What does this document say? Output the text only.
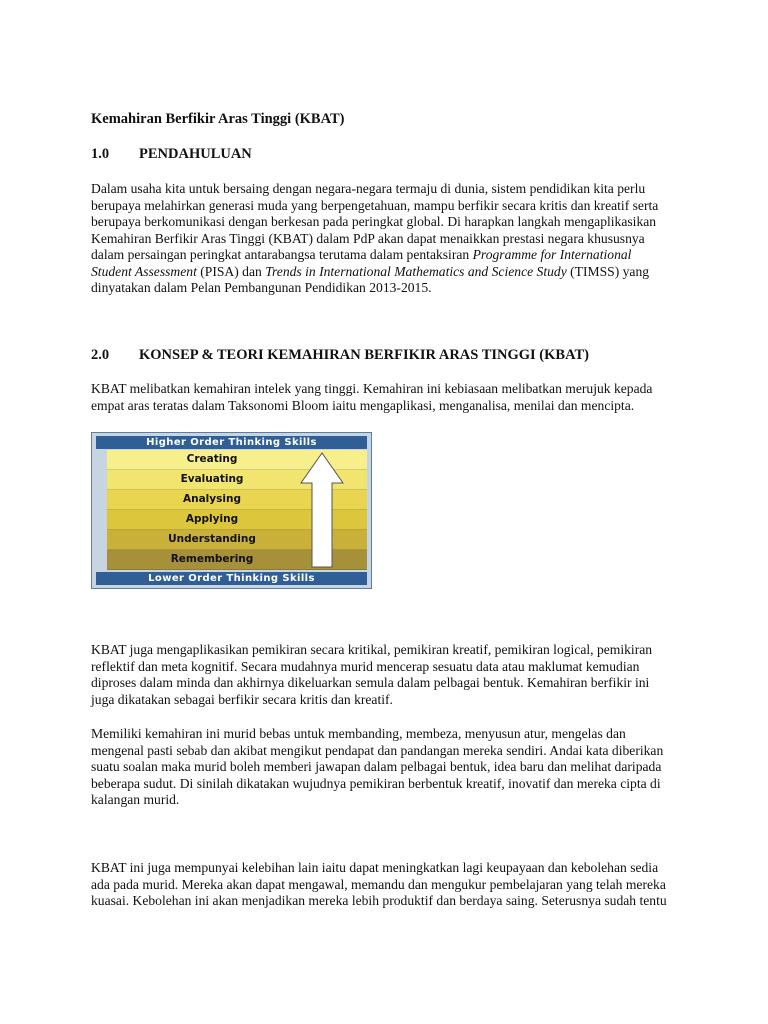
Kemahiran Berfikir Aras Tinggi (KBAT)
1.0 PENDAHULUAN
Dalam usaha kita untuk bersaing dengan negara-negara termaju di dunia, sistem pendidikan kita perlu
berupaya melahirkan generasi muda yang berpengetahuan, mampu berfikir secara kritis dan kreatif serta
berupaya berkomunikasi dengan berkesan pada peringkat global. Di harapkan langkah mengaplikasikan
Kemahiran Berfikir Aras Tinggi (KBAT) dalam PdP akan dapat menaikkan prestasi negara khususnya
dalam persaingan peringkat antarabangsa terutama dalam pentaksiran Programme for International
Student Assessment (PISA) dan Trends in International Mathematics and Science Study (TIMSS) yang
dinyatakan dalam Pelan Pembangunan Pendidikan 2013-2015.
2.0 KONSEP & TEORI KEMAHIRAN BERFIKIR ARAS TINGGI (KBAT)
KBAT melibatkan kemahiran intelek yang tinggi. Kemahiran ini kebiasaan melibatkan merujuk kepada
empat aras teratas dalam Taksonomi Bloom iaitu mengaplikasi, menganalisa, menilai dan mencipta.
Higher Order Thinking Skills
Creating
Evaluating
Analysing
Applying
Understanding
Remembering
Lower Order Thinking Skills
KBAT juga mengaplikasikan pemikiran secara kritikal, pemikiran kreatif, pemikiran logical, pemikiran
reflektif dan meta kognitif. Secara mudahnya murid mencerap sesuatu data atau maklumat kemudian
diproses dalam minda dan akhirnya dikeluarkan semula dalam pelbagai bentuk. Kemahiran berfikir ini
juga dikatakan sebagai berfikir secara kritis dan kreatif.
Memiliki kemahiran ini murid bebas untuk membanding, membeza, menyusun atur, mengelas dan
mengenal pasti sebab dan akibat mengikut pendapat dan pandangan mereka sendiri. Andai kata diberikan
suatu soalan maka murid boleh memberi jawapan dalam pelbagai bentuk, idea baru dan melihat daripada
beberapa sudut. Di sinilah dikatakan wujudnya pemikiran berbentuk kreatif, inovatif dan mereka cipta di
kalangan murid.
KBAT ini juga mempunyai kelebihan lain iaitu dapat meningkatkan lagi keupayaan dan kebolehan sedia
ada pada murid. Mereka akan dapat mengawal, memandu dan mengukur pembelajaran yang telah mereka
kuasai. Kebolehan ini akan menjadikan mereka lebih produktif dan berdaya saing. Seterusnya sudah tentu
